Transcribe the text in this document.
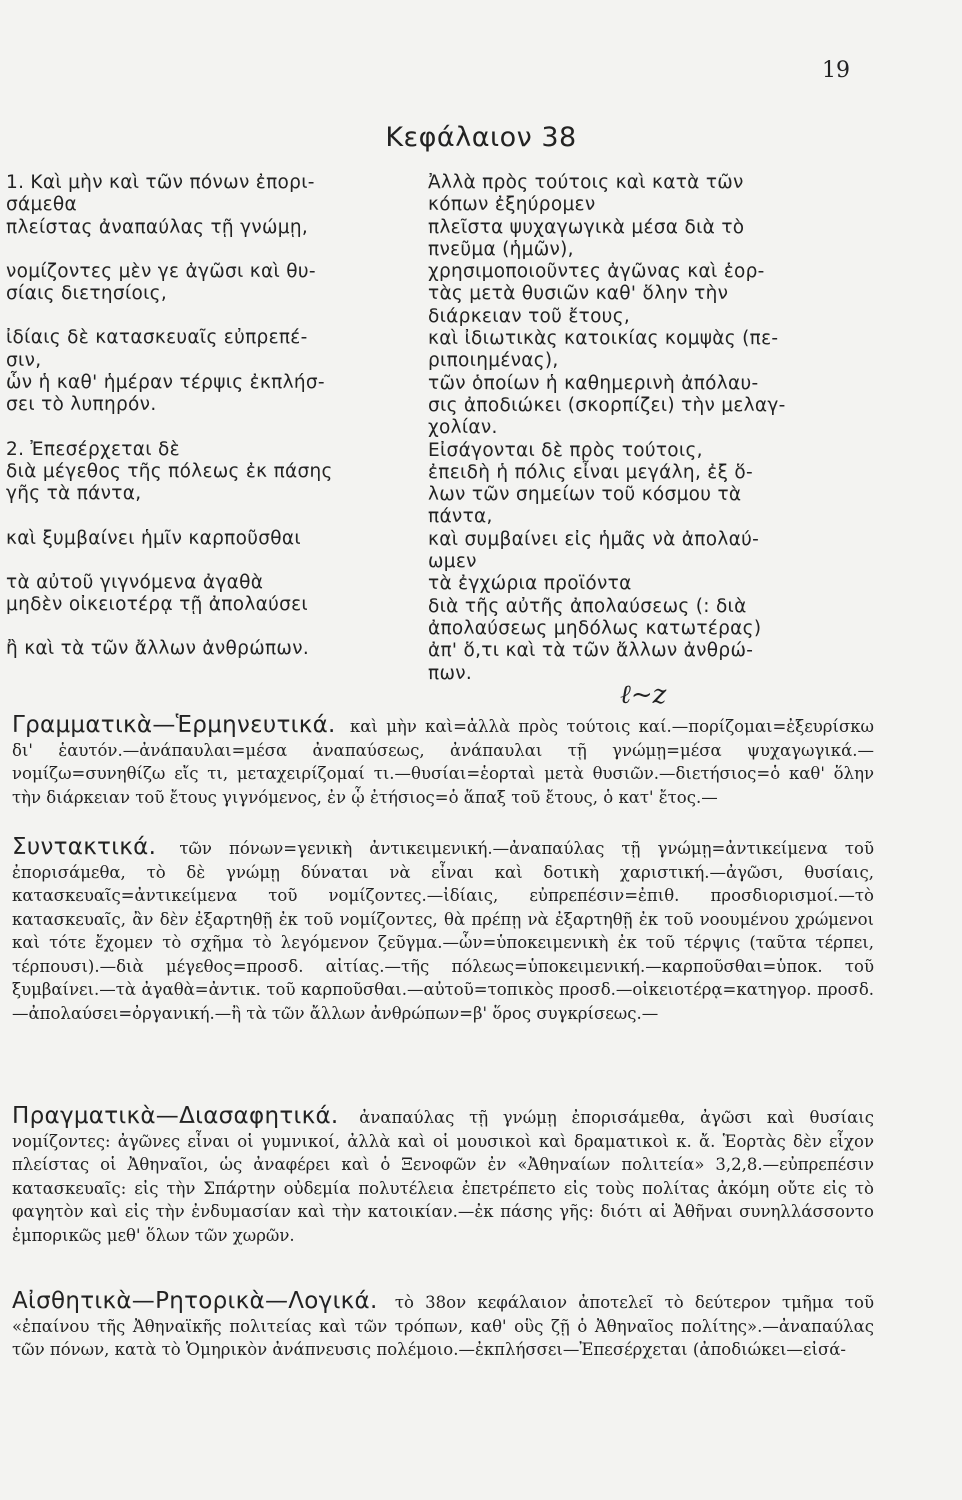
19
Κεφάλαιον 38
1. Καὶ μὴν καὶ τῶν πόνων ἐπορι-
σάμεθα
πλείστας ἀναπαύλας τῇ γνώμῃ,
νομίζοντες μὲν γε ἀγῶσι καὶ θυ-
σίαις διετησίοις,
ἰδίαις δὲ κατασκευαῖς εὐπρεπέ-
σιν,
ὧν ἡ καθ' ἡμέραν τέρψις ἐκπλήσ-
σει τὸ λυπηρόν.
2. Ἐπεσέρχεται δὲ
διὰ μέγεθος τῆς πόλεως ἐκ πάσης
γῆς τὰ πάντα,
καὶ ξυμβαίνει ἡμῖν καρποῦσθαι
τὰ αὐτοῦ γιγνόμενα ἀγαθὰ
μηδὲν οἰκειοτέρᾳ τῇ ἀπολαύσει
ἢ καὶ τὰ τῶν ἄλλων ἀνθρώπων.
Ἀλλὰ πρὸς τούτοις καὶ κατὰ τῶν
κόπων ἐξηύρομεν
πλεῖστα ψυχαγωγικὰ μέσα διὰ τὸ
πνεῦμα (ἡμῶν),
χρησιμοποιοῦντες ἀγῶνας καὶ ἑορ-
τὰς μετὰ θυσιῶν καθ' ὅλην τὴν
διάρκειαν τοῦ ἔτους,
καὶ ἰδιωτικὰς κατοικίας κομψὰς (πε-
ριποιημένας),
τῶν ὁποίων ἡ καθημερινὴ ἀπόλαυ-
σις ἀποδιώκει (σκορπίζει) τὴν μελαγ-
χολίαν.
Εἰσάγονται δὲ πρὸς τούτοις,
ἐπειδὴ ἡ πόλις εἶναι μεγάλη, ἐξ ὅ-
λων τῶν σημείων τοῦ κόσμου τὰ
πάντα,
καὶ συμβαίνει εἰς ἡμᾶς νὰ ἀπολαύ-
ωμεν
τὰ ἐγχώρια προϊόντα
διὰ τῆς αὐτῆς ἀπολαύσεως (: διὰ
ἀπολαύσεως μηδόλως κατωτέρας)
ἀπ' ὅ,τι καὶ τὰ τῶν ἄλλων ἀνθρώ-
πων.
ℓ~z
Γραμματικὰ—Ἑρμηνευτικά. καὶ μὴν καὶ=ἀλλὰ πρὸς τούτοις καί.—πορίζομαι=ἐξευρίσκω δι' ἑαυτόν.—ἀνάπαυλαι=μέσα ἀναπαύσεως, ἀνάπαυλαι τῇ γνώμῃ=μέσα ψυχαγωγικά.—νομίζω=συνηθίζω εἴς τι, μεταχειρίζομαί τι.—θυσίαι=ἑορταὶ μετὰ θυσιῶν.—διετήσιος=ὁ καθ' ὅλην τὴν διάρκειαν τοῦ ἔτους γιγνόμενος, ἐν ᾧ ἐτήσιος=ὁ ἅπαξ τοῦ ἔτους, ὁ κατ' ἔτος.—
Συντακτικά. τῶν πόνων=γενικὴ ἀντικειμενική.—ἀναπαύλας τῇ γνώμῃ=ἀντικείμενα τοῦ ἐπορισάμεθα, τὸ δὲ γνώμῃ δύναται νὰ εἶναι καὶ δοτικὴ χαριστική.—ἀγῶσι, θυσίαις, κατασκευαῖς=ἀντικείμενα τοῦ νομίζοντες.—ἰδίαις, εὐπρεπέσιν=ἐπιθ. προσδιορισμοί.—τὸ κατασκευαῖς, ἂν δὲν ἐξαρτηθῇ ἐκ τοῦ νομίζοντες, θὰ πρέπῃ νὰ ἐξαρτηθῇ ἐκ τοῦ νοουμένου χρώμενοι καὶ τότε ἔχομεν τὸ σχῆμα τὸ λεγόμενον ζεῦγμα.—ὧν=ὑποκειμενικὴ ἐκ τοῦ τέρψις (ταῦτα τέρπει, τέρπουσι).—διὰ μέγεθος=προσδ. αἰτίας.—τῆς πόλεως=ὑποκειμενική.—καρποῦσθαι=ὑποκ. τοῦ ξυμβαίνει.—τὰ ἀγαθὰ=ἀντικ. τοῦ καρποῦσθαι.—αὐτοῦ=τοπικὸς προσδ.—οἰκειοτέρᾳ=κατηγορ. προσδ.—ἀπολαύσει=ὀργανική.—ἢ τὰ τῶν ἄλλων ἀνθρώπων=β' ὅρος συγκρίσεως.—
Πραγματικὰ—Διασαφητικά. ἀναπαύλας τῇ γνώμῃ ἐπορισάμεθα, ἀγῶσι καὶ θυσίαις νομίζοντες: ἀγῶνες εἶναι οἱ γυμνικοί, ἀλλὰ καὶ οἱ μουσικοὶ καὶ δραματικοὶ κ. ἄ. Ἑορτὰς δὲν εἶχον πλείστας οἱ Ἀθηναῖοι, ὡς ἀναφέρει καὶ ὁ Ξενοφῶν ἐν «Ἀθηναίων πολιτεία» 3,2,8.—εὐπρεπέσιν κατασκευαῖς: εἰς τὴν Σπάρτην οὐδεμία πολυτέλεια ἐπετρέπετο εἰς τοὺς πολίτας ἀκόμη οὔτε εἰς τὸ φαγητὸν καὶ εἰς τὴν ἐνδυμασίαν καὶ τὴν κατοικίαν.—ἐκ πάσης γῆς: διότι αἱ Ἀθῆναι συνηλλάσσοντο ἐμπορικῶς μεθ' ὅλων τῶν χωρῶν.
Αἰσθητικὰ—Ρητορικὰ—Λογικά. τὸ 38ον κεφάλαιον ἀποτελεῖ τὸ δεύτερον τμῆμα τοῦ «ἐπαίνου τῆς Ἀθηναϊκῆς πολιτείας καὶ τῶν τρόπων, καθ' οὓς ζῇ ὁ Ἀθηναῖος πολίτης».—ἀναπαύλας τῶν πόνων, κατὰ τὸ Ὁμηρικὸν ἀνάπνευσις πολέμοιο.—ἐκπλήσσει—Ἐπεσέρχεται (ἀποδιώκει—εἰσά-
